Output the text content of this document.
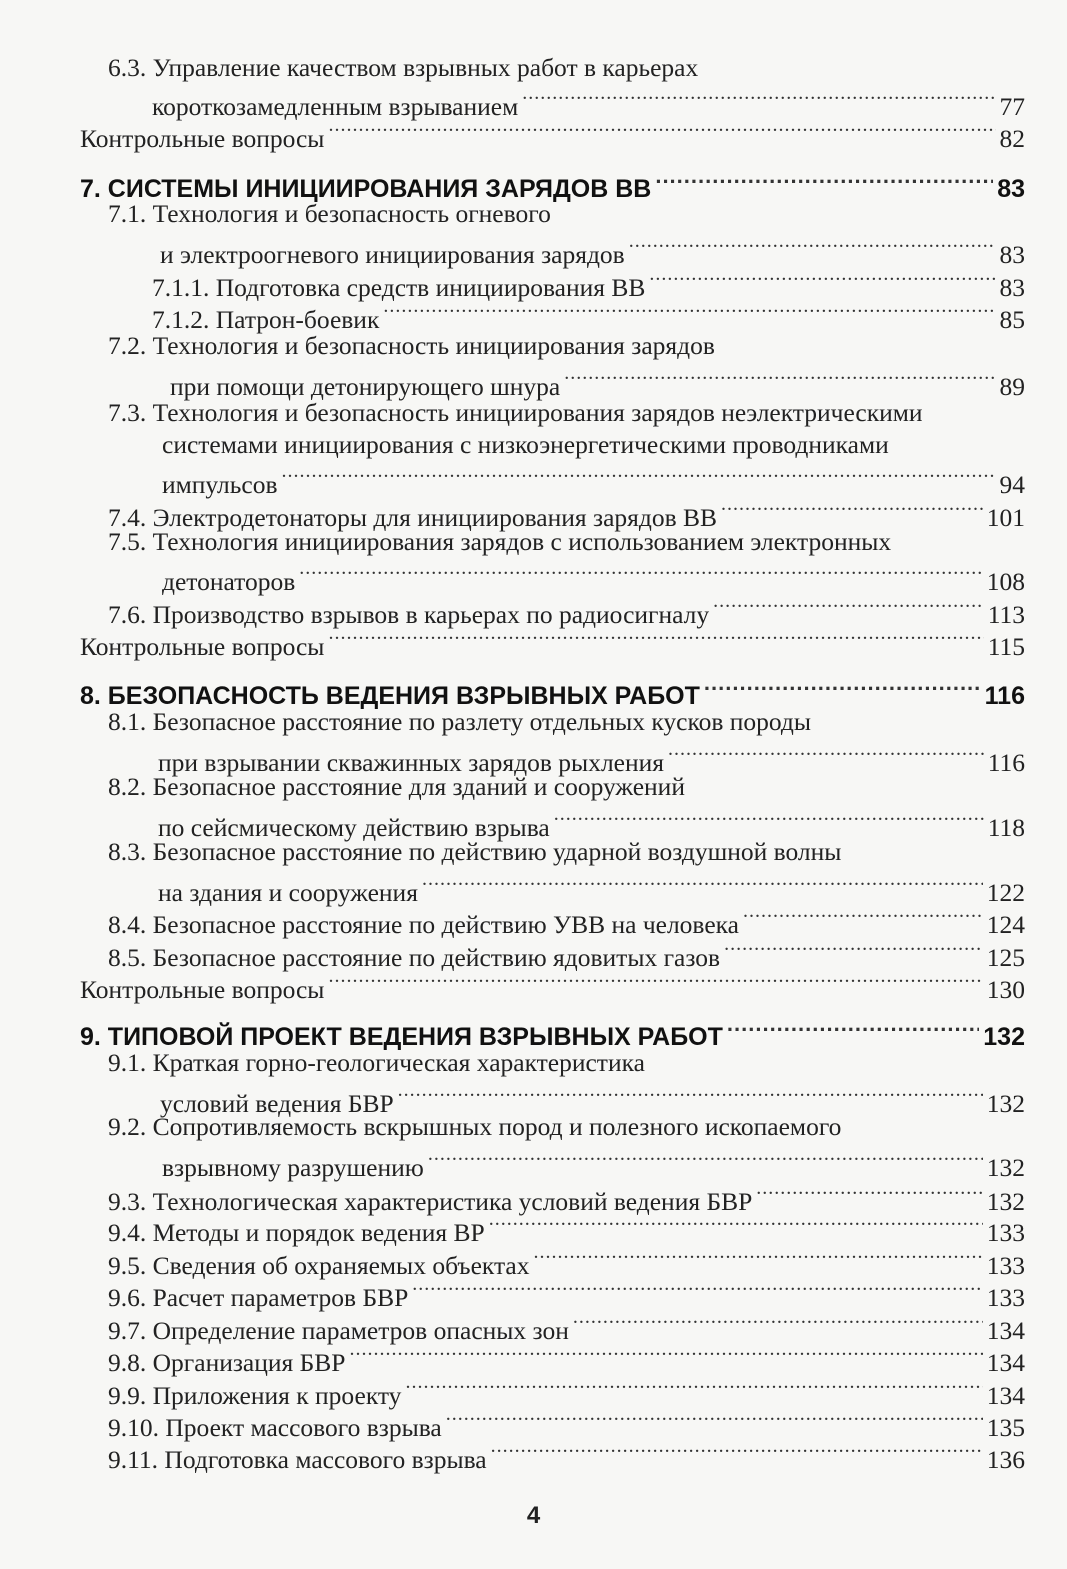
6.3. Управление качеством взрывных работ в карьерах
короткозамедленным взрыванием .....	77
Контрольные вопросы .....	82
7. СИСТЕМЫ ИНИЦИИРОВАНИЯ ЗАРЯДОВ ВВ .....	83
7.1. Технология и безопасность огневого
и электроогневого инициирования зарядов .....	83
7.1.1. Подготовка средств инициирования ВВ .....	83
7.1.2. Патрон-боевик .....	85
7.2. Технология и безопасность инициирования зарядов
при помощи детонирующего шнура .....	89
7.3. Технология и безопасность инициирования зарядов неэлектрическими
системами инициирования с низкоэнергетическими проводниками
импульсов .....	94
7.4. Электродетонаторы для инициирования зарядов ВВ .....	101
7.5. Технология инициирования зарядов с использованием электронных
детонаторов .....	108
7.6. Производство взрывов в карьерах по радиосигналу .....	113
Контрольные вопросы .....	115
8. БЕЗОПАСНОСТЬ ВЕДЕНИЯ ВЗРЫВНЫХ РАБОТ .....	116
8.1. Безопасное расстояние по разлету отдельных кусков породы
при взрывании скважинных зарядов рыхления .....	116
8.2. Безопасное расстояние для зданий и сооружений
по сейсмическому действию взрыва .....	118
8.3. Безопасное расстояние по действию ударной воздушной волны
на здания и сооружения .....	122
8.4. Безопасное расстояние по действию УВВ на человека .....	124
8.5. Безопасное расстояние по действию ядовитых газов .....	125
Контрольные вопросы .....	130
9. ТИПОВОЙ ПРОЕКТ ВЕДЕНИЯ ВЗРЫВНЫХ РАБОТ .....	132
9.1. Краткая горно-геологическая характеристика
условий ведения БВР .....	132
9.2. Сопротивляемость вскрышных пород и полезного ископаемого
взрывному разрушению .....	132
9.3. Технологическая характеристика условий ведения БВР .....	132
9.4. Методы и порядок ведения ВР .....	133
9.5. Сведения об охраняемых объектах .....	133
9.6. Расчет параметров БВР .....	133
9.7. Определение параметров опасных зон .....	134
9.8. Организация БВР .....	134
9.9. Приложения к проекту .....	134
9.10. Проект массового взрыва .....	135
9.11. Подготовка массового взрыва .....	136
4
